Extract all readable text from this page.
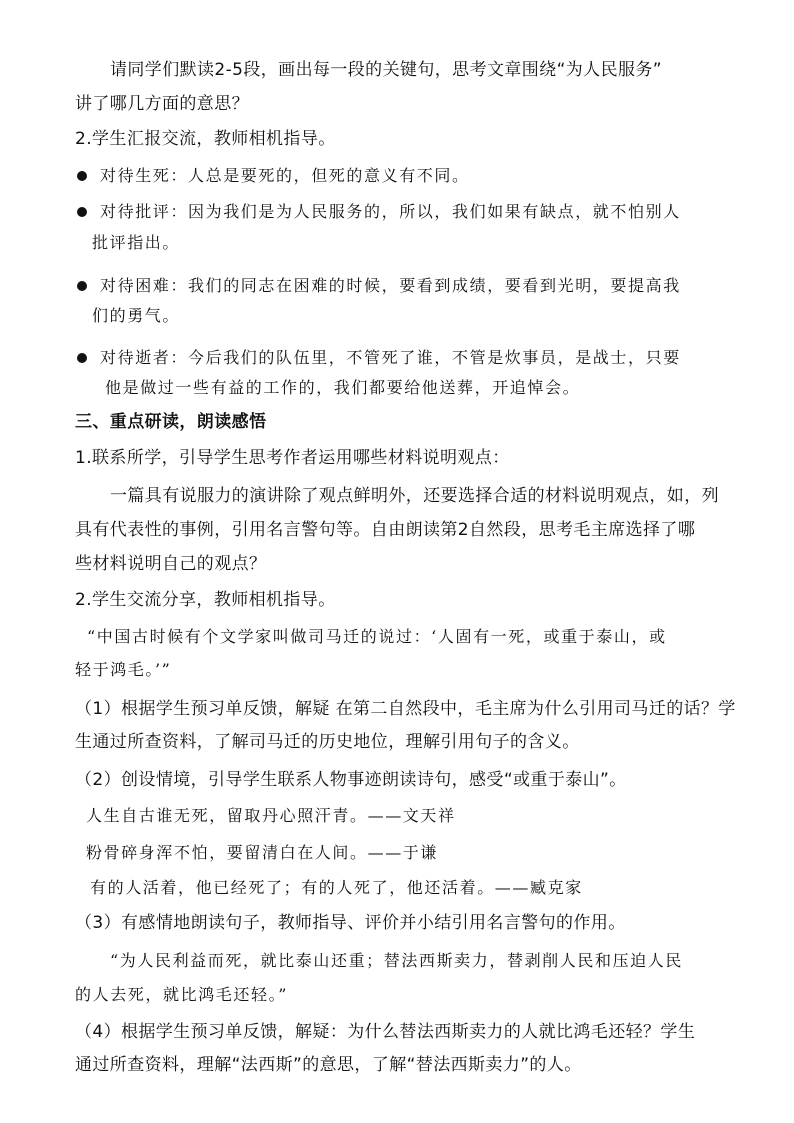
请同学们默读2-5段，画出每一段的关键句，思考文章围绕“为人民服务”
讲了哪几方面的意思？
2.学生汇报交流，教师相机指导。
对待生死：人总是要死的，但死的意义有不同。
对待批评：因为我们是为人民服务的，所以，我们如果有缺点，就不怕别人
批评指出。
对待困难：我们的同志在困难的时候，要看到成绩，要看到光明，要提高我
们的勇气。
对待逝者：今后我们的队伍里，不管死了谁，不管是炊事员，是战士，只要
他是做过一些有益的工作的，我们都要给他送葬，开追悼会。
三、重点研读，朗读感悟
1.联系所学，引导学生思考作者运用哪些材料说明观点：
一篇具有说服力的演讲除了观点鲜明外，还要选择合适的材料说明观点，如，列
具有代表性的事例，引用名言警句等。自由朗读第2自然段，思考毛主席选择了哪
些材料说明自己的观点？
2.学生交流分享，教师相机指导。
“中国古时候有个文学家叫做司马迁的说过：‘人固有一死，或重于泰山，或
轻于鸿毛。’”
（1）根据学生预习单反馈，解疑 在第二自然段中，毛主席为什么引用司马迁的话？学
生通过所查资料，了解司马迁的历史地位，理解引用句子的含义。
（2）创设情境，引导学生联系人物事迹朗读诗句，感受“或重于泰山”。
人生自古谁无死，留取丹心照汗青。——文天祥
粉骨碎身浑不怕，要留清白在人间。——于谦
有的人活着，他已经死了；有的人死了，他还活着。——臧克家
（3）有感情地朗读句子，教师指导、评价并小结引用名言警句的作用。
“为人民利益而死，就比泰山还重；替法西斯卖力，替剥削人民和压迫人民
的人去死，就比鸿毛还轻。”
（4）根据学生预习单反馈，解疑：为什么替法西斯卖力的人就比鸿毛还轻？学生
通过所查资料，理解“法西斯”的意思，了解“替法西斯卖力”的人。
